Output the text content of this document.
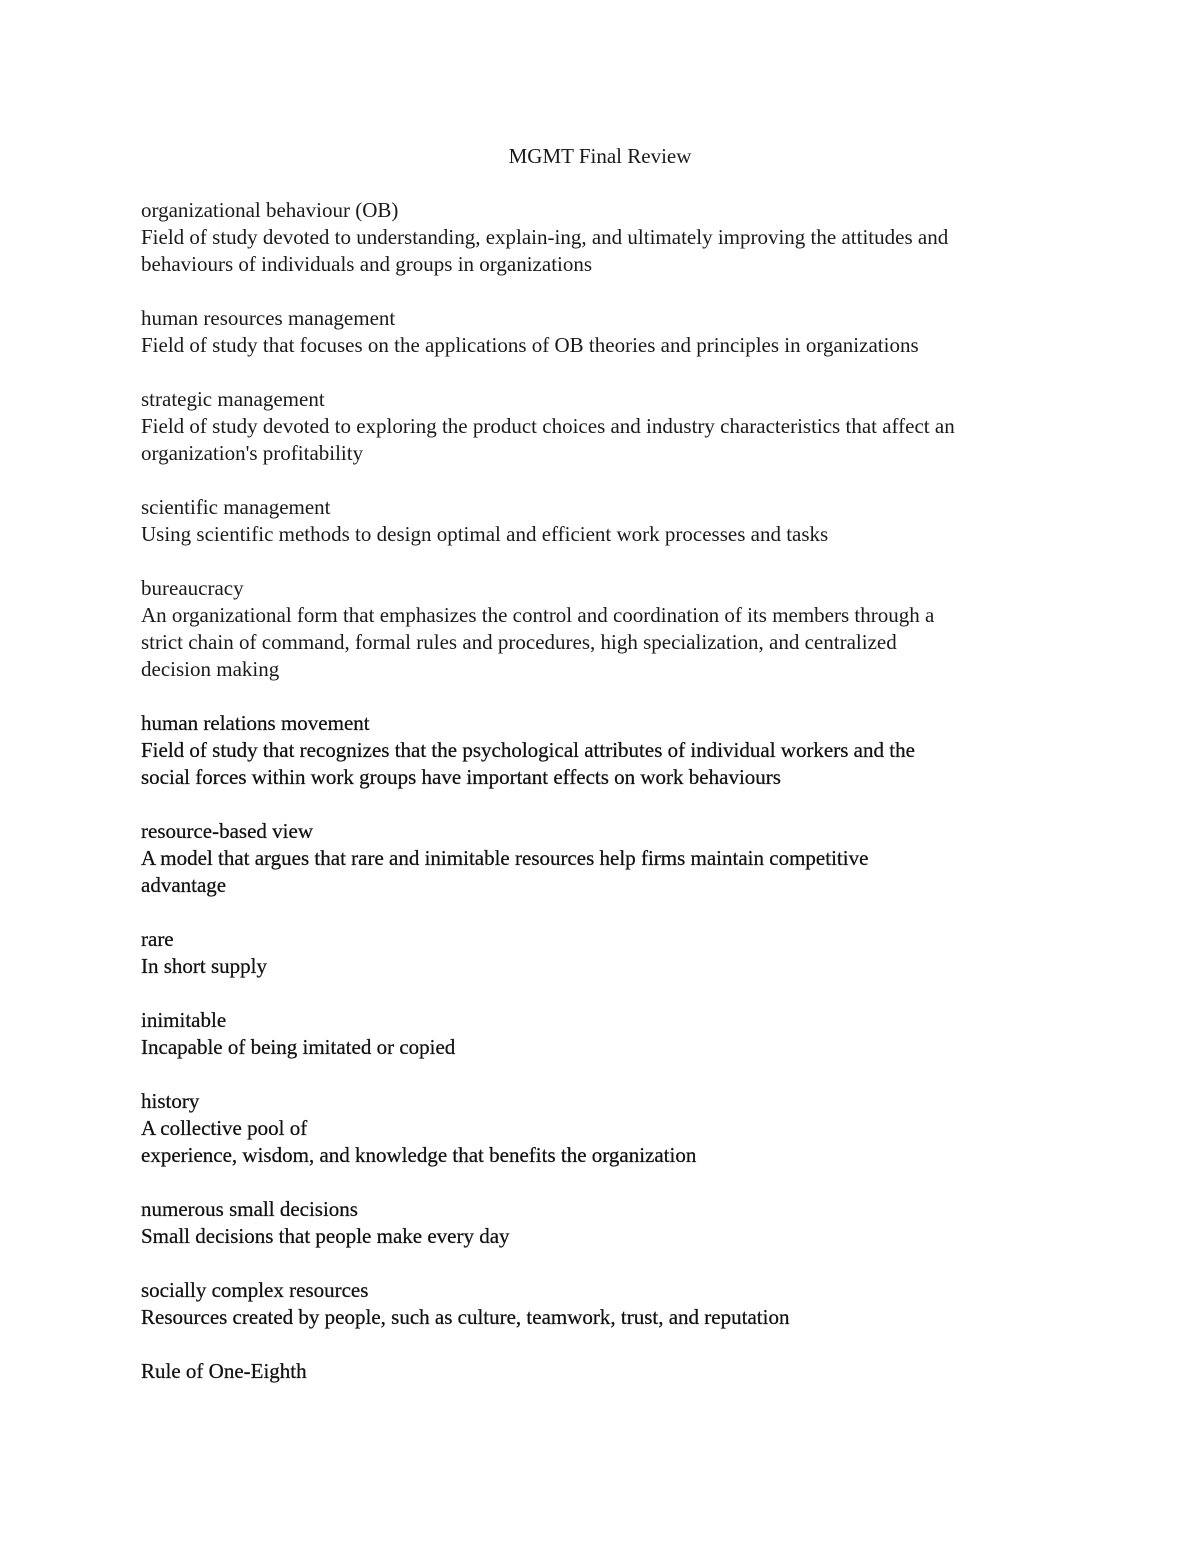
MGMT Final Review
organizational behaviour (OB)
Field of study devoted to understanding, explain-ing, and ultimately improving the attitudes and
behaviours of individuals and groups in organizations
human resources management
Field of study that focuses on the applications of OB theories and principles in organizations
strategic management
Field of study devoted to exploring the product choices and industry characteristics that affect an
organization's profitability
scientific management
Using scientific methods to design optimal and efficient work processes and tasks
bureaucracy
An organizational form that emphasizes the control and coordination of its members through a
strict chain of command, formal rules and procedures, high specialization, and centralized
decision making
human relations movement
Field of study that recognizes that the psychological attributes of individual workers and the
social forces within work groups have important effects on work behaviours
resource-based view
A model that argues that rare and inimitable resources help firms maintain competitive
advantage
rare
In short supply
inimitable
Incapable of being imitated or copied
history
A collective pool of
experience, wisdom, and knowledge that benefits the organization
numerous small decisions
Small decisions that people make every day
socially complex resources
Resources created by people, such as culture, teamwork, trust, and reputation
Rule of One-Eighth
